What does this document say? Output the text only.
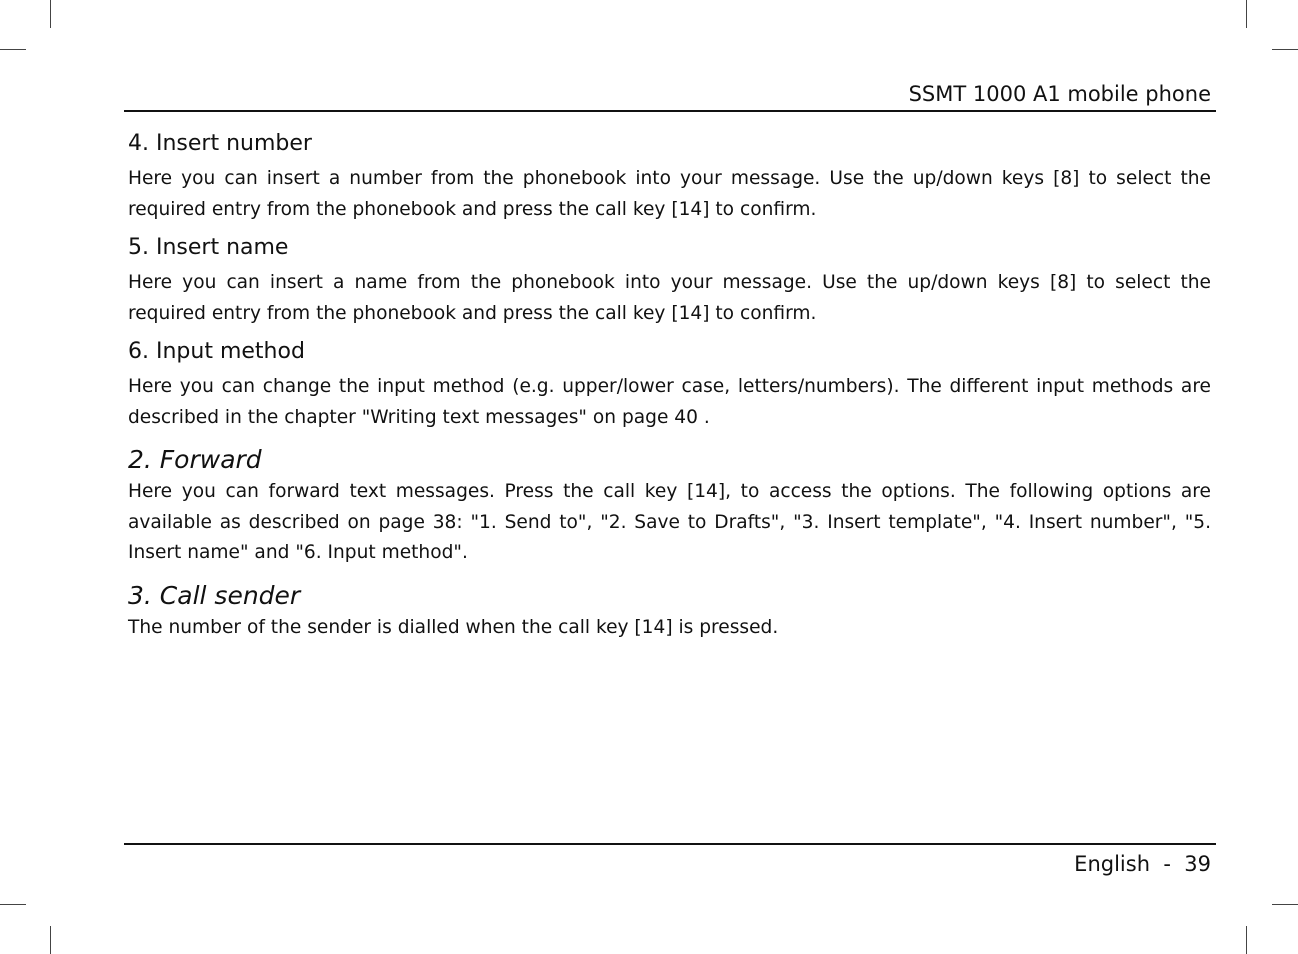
SSMT 1000 A1 mobile phone
4. Insert number

Here you can insert a number from the phonebook into your message. Use the up/down keys [8] to select the required entry from the phonebook and press the call key [14] to confirm.

5. Insert name

Here you can insert a name from the phonebook into your message. Use the up/down keys [8] to select the required entry from the phonebook and press the call key [14] to confirm.

6. Input method

Here you can change the input method (e.g. upper/lower case, letters/numbers). The different input methods are described in the chapter "Writing text messages" on page 40 .

2. Forward

Here you can forward text messages. Press the call key [14], to access the options. The following options are available as described on page 38: "1. Send to", "2. Save to Drafts", "3. Insert template", "4. Insert number", "5. Insert name" and "6. Input method".

3. Call sender

The number of the sender is dialled when the call key [14] is pressed.

English  -  39
